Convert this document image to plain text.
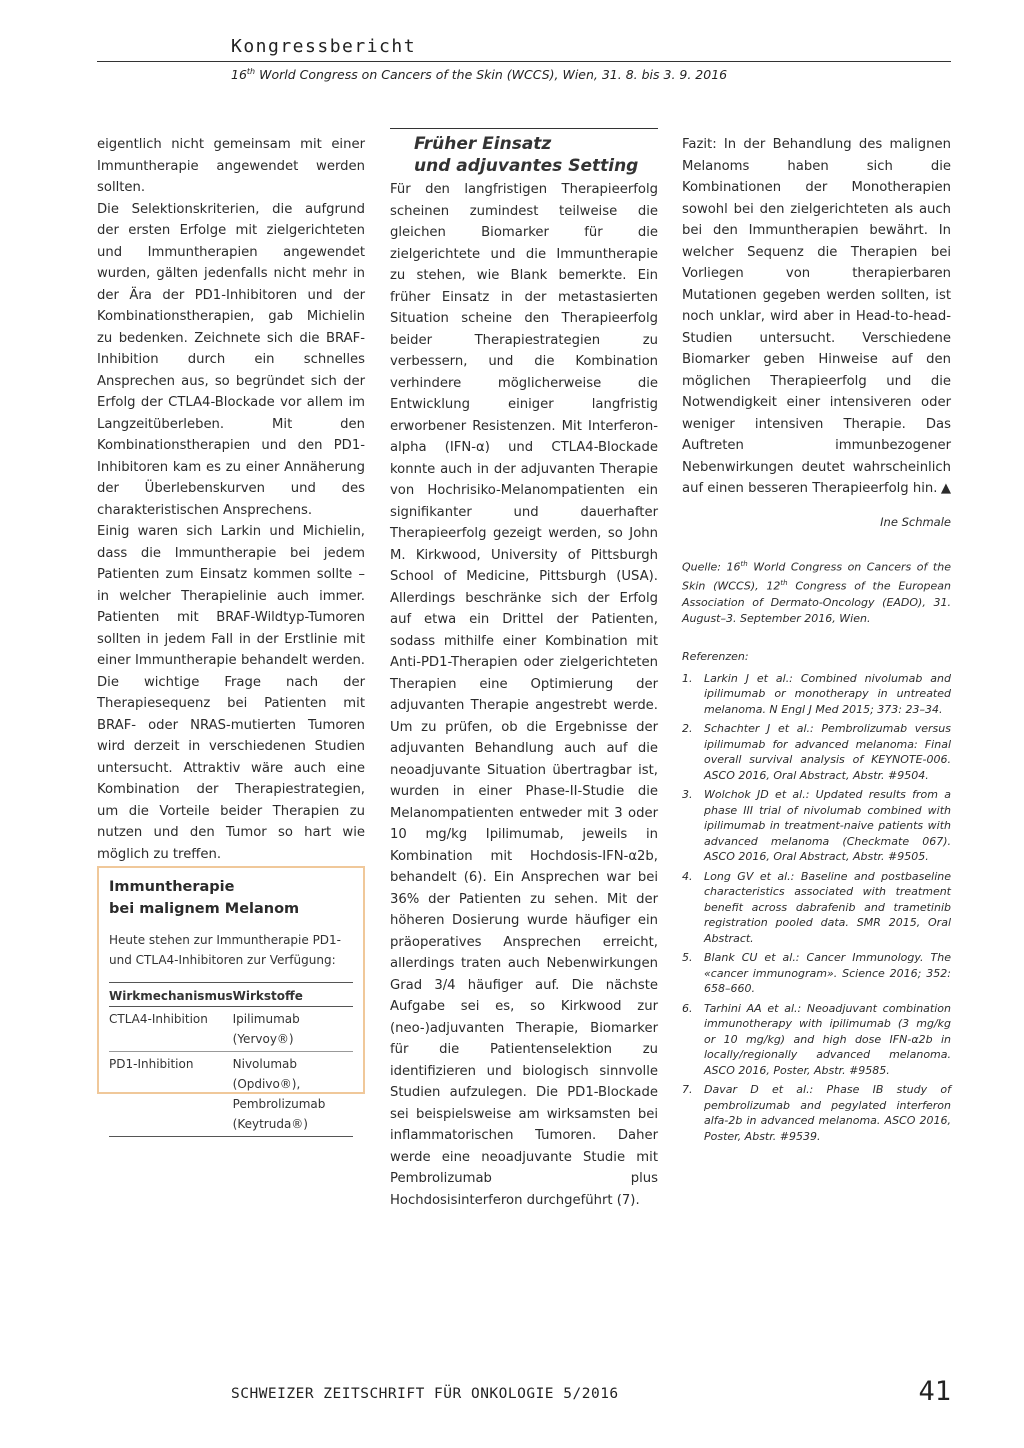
Kongressbericht
16th World Congress on Cancers of the Skin (WCCS), Wien, 31. 8. bis 3. 9. 2016

eigentlich nicht gemeinsam mit einer Immuntherapie angewendet werden sollten.

Die Selektionskriterien, die aufgrund der ersten Erfolge mit zielgerichteten und Immuntherapien angewendet wurden, gälten jedenfalls nicht mehr in der Ära der PD1-Inhibitoren und der Kombinationstherapien, gab Michielin zu bedenken. Zeichnete sich die BRAF-Inhibition durch ein schnelles Ansprechen aus, so begründet sich der Erfolg der CTLA4-Blockade vor allem im Langzeitüberleben. Mit den Kombinationstherapien und den PD1-Inhibitoren kam es zu einer Annäherung der Überlebenskurven und des charakteristischen Ansprechens.

Einig waren sich Larkin und Michielin, dass die Immuntherapie bei jedem Patienten zum Einsatz kommen sollte – in welcher Therapielinie auch immer. Patienten mit BRAF-Wildtyp-Tumoren sollten in jedem Fall in der Erstlinie mit einer Immuntherapie behandelt werden. Die wichtige Frage nach der Therapiesequenz bei Patienten mit BRAF- oder NRAS-mutierten Tumoren wird derzeit in verschiedenen Studien untersucht. Attraktiv wäre auch eine Kombination der Therapiestrategien, um die Vorteile beider Therapien zu nutzen und den Tumor so hart wie möglich zu treffen.

Immuntherapie
bei malignem Melanom
Heute stehen zur Immuntherapie PD1- und CTLA4-Inhibitoren zur Verfügung:
Wirkmechanismus	Wirkstoffe
CTLA4-Inhibition	Ipilimumab (Yervoy®)
PD1-Inhibition	Nivolumab (Opdivo®),
Pembrolizumab
(Keytruda®)
Früher Einsatz
und adjuvantes Setting

Für den langfristigen Therapieerfolg scheinen zumindest teilweise die gleichen Biomarker für die zielgerichtete und die Immuntherapie zu stehen, wie Blank bemerkte. Ein früher Einsatz in der metastasierten Situation scheine den Therapieerfolg beider Therapiestrategien zu verbessern, und die Kombination verhindere möglicherweise die Entwicklung einiger langfristig erworbener Resistenzen. Mit Interferon-alpha (IFN-α) und CTLA4-Blockade konnte auch in der adjuvanten Therapie von Hochrisiko-Melanompatienten ein signifikanter und dauerhafter Therapieerfolg gezeigt werden, so John M. Kirkwood, University of Pittsburgh School of Medicine, Pittsburgh (USA). Allerdings beschränke sich der Erfolg auf etwa ein Drittel der Patienten, sodass mithilfe einer Kombination mit Anti-PD1-Therapien oder zielgerichteten Therapien eine Optimierung der adjuvanten Therapie angestrebt werde. Um zu prüfen, ob die Ergebnisse der adjuvanten Behandlung auch auf die neoadjuvante Situation übertragbar ist, wurden in einer Phase-II-Studie die Melanompatienten entweder mit 3 oder 10 mg/kg Ipilimumab, jeweils in Kombination mit Hochdosis-IFN-α2b, behandelt (6). Ein Ansprechen war bei 36% der Patienten zu sehen. Mit der höheren Dosierung wurde häufiger ein präoperatives Ansprechen erreicht, allerdings traten auch Nebenwirkungen Grad 3/4 häufiger auf. Die nächste Aufgabe sei es, so Kirkwood zur (neo-)adjuvanten Therapie, Biomarker für die Patientenselektion zu identifizieren und biologisch sinnvolle Studien aufzulegen. Die PD1-Blockade sei beispielsweise am wirksamsten bei inflammatorischen Tumoren. Daher werde eine neoadjuvante Studie mit Pembrolizumab plus Hochdosisinterferon durchgeführt (7).

Fazit: In der Behandlung des malignen Melanoms haben sich die Kombinationen der Monotherapien sowohl bei den zielgerichteten als auch bei den Immuntherapien bewährt. In welcher Sequenz die Therapien bei Vorliegen von therapierbaren Mutationen gegeben werden sollten, ist noch unklar, wird aber in Head-to-head-Studien untersucht. Verschiedene Biomarker geben Hinweise auf den möglichen Therapieerfolg und die Notwendigkeit einer intensiveren oder weniger intensiven Therapie. Das Auftreten immunbezogener Nebenwirkungen deutet wahrscheinlich auf einen besseren Therapieerfolg hin. ▲

Ine Schmale
Quelle: 16th World Congress on Cancers of the Skin (WCCS), 12th Congress of the European Association of Dermato-Oncology (EADO), 31. August–3. September 2016, Wien.
Referenzen:
1. Larkin J et al.: Combined nivolumab and ipilimumab or monotherapy in untreated melanoma. N Engl J Med 2015; 373: 23–34.
2. Schachter J et al.: Pembrolizumab versus ipilimumab for advanced melanoma: Final overall survival analysis of KEYNOTE-006. ASCO 2016, Oral Abstract, Abstr. #9504.
3. Wolchok JD et al.: Updated results from a phase III trial of nivolumab combined with ipilimumab in treatment-naive patients with advanced melanoma (Checkmate 067). ASCO 2016, Oral Abstract, Abstr. #9505.
4. Long GV et al.: Baseline and postbaseline characteristics associated with treatment benefit across dabrafenib and trametinib registration pooled data. SMR 2015, Oral Abstract.
5. Blank CU et al.: Cancer Immunology. The «cancer immunogram». Science 2016; 352: 658–660.
6. Tarhini AA et al.: Neoadjuvant combination immunotherapy with ipilimumab (3 mg/kg or 10 mg/kg) and high dose IFN-α2b in locally/regionally advanced melanoma. ASCO 2016, Poster, Abstr. #9585.
7. Davar D et al.: Phase IB study of pembrolizumab and pegylated interferon alfa-2b in advanced melanoma. ASCO 2016, Poster, Abstr. #9539.
SCHWEIZER ZEITSCHRIFT FÜR ONKOLOGIE 5/2016	41
